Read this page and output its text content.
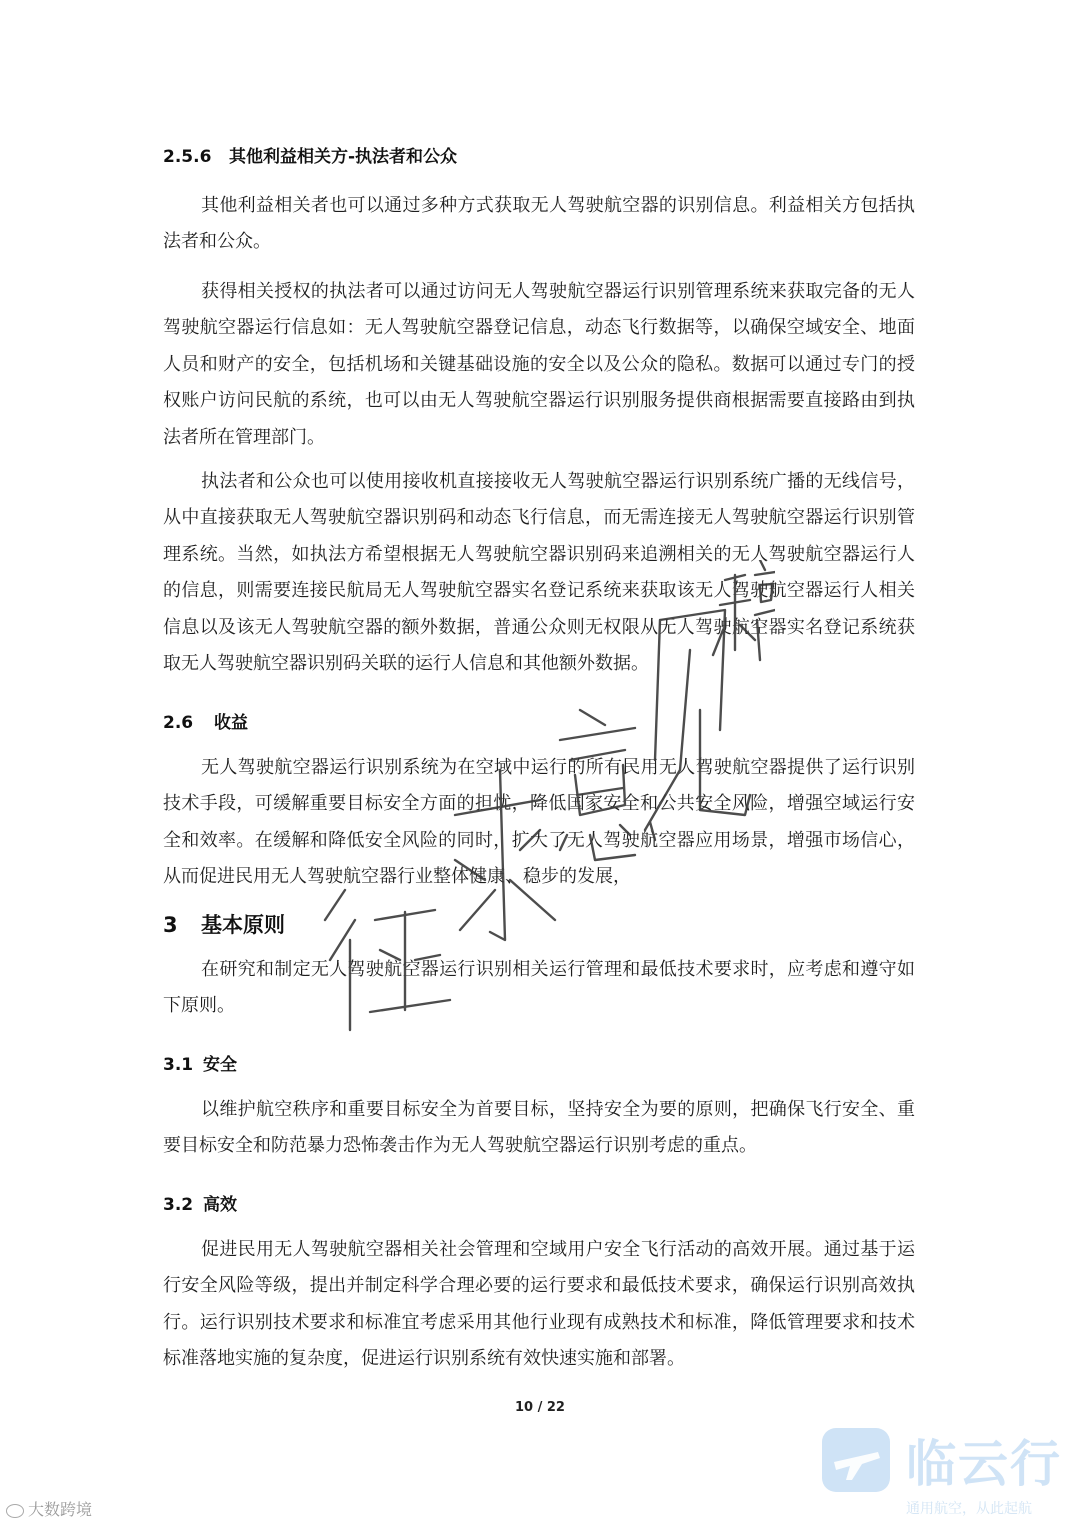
2.5.6 其他利益相关方-执法者和公众
其他利益相关者也可以通过多种方式获取无人驾驶航空器的识别信息。利益相关方包括执法者和公众。
获得相关授权的执法者可以通过访问无人驾驶航空器运行识别管理系统来获取完备的无人驾驶航空器运行信息如：无人驾驶航空器登记信息，动态飞行数据等，以确保空域安全、地面人员和财产的安全，包括机场和关键基础设施的安全以及公众的隐私。数据可以通过专门的授权账户访问民航的系统，也可以由无人驾驶航空器运行识别服务提供商根据需要直接路由到执法者所在管理部门。
执法者和公众也可以使用接收机直接接收无人驾驶航空器运行识别系统广播的无线信号，从中直接获取无人驾驶航空器识别码和动态飞行信息，而无需连接无人驾驶航空器运行识别管理系统。当然，如执法方希望根据无人驾驶航空器识别码来追溯相关的无人驾驶航空器运行人的信息，则需要连接民航局无人驾驶航空器实名登记系统来获取该无人驾驶航空器运行人相关信息以及该无人驾驶航空器的额外数据，普通公众则无权限从无人驾驶航空器实名登记系统获取无人驾驶航空器识别码关联的运行人信息和其他额外数据。
2.6 收益
无人驾驶航空器运行识别系统为在空域中运行的所有民用无人驾驶航空器提供了运行识别技术手段，可缓解重要目标安全方面的担忧，降低国家安全和公共安全风险，增强空域运行安全和效率。在缓解和降低安全风险的同时，扩大了无人驾驶航空器应用场景，增强市场信心，从而促进民用无人驾驶航空器行业整体健康、稳步的发展，
3 基本原则
在研究和制定无人驾驶航空器运行识别相关运行管理和最低技术要求时，应考虑和遵守如下原则。
3.1 安全
以维护航空秩序和重要目标安全为首要目标，坚持安全为要的原则，把确保飞行安全、重要目标安全和防范暴力恐怖袭击作为无人驾驶航空器运行识别考虑的重点。
3.2 高效
促进民用无人驾驶航空器相关社会管理和空域用户安全飞行活动的高效开展。通过基于运行安全风险等级，提出并制定科学合理必要的运行要求和最低技术要求，确保运行识别高效执行。运行识别技术要求和标准宜考虑采用其他行业现有成熟技术和标准，降低管理要求和技术标准落地实施的复杂度，促进运行识别系统有效快速实施和部署。
10 / 22
大数跨境
临云行
通用航空，从此起航
